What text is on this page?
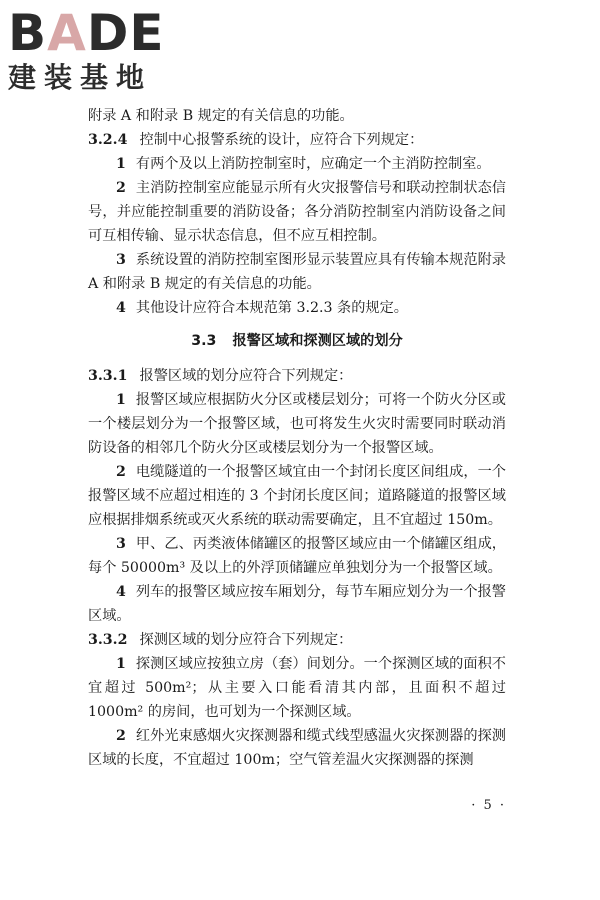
BADE
建装基地

附录 A 和附录 B 规定的有关信息的功能。

3.2.4 控制中心报警系统的设计，应符合下列规定：

1 有两个及以上消防控制室时，应确定一个主消防控制室。

2 主消防控制室应能显示所有火灾报警信号和联动控制状态信号，并应能控制重要的消防设备；各分消防控制室内消防设备之间可互相传输、显示状态信息，但不应互相控制。

3 系统设置的消防控制室图形显示装置应具有传输本规范附录 A 和附录 B 规定的有关信息的功能。

4 其他设计应符合本规范第 3.2.3 条的规定。

3.3 报警区域和探测区域的划分

3.3.1 报警区域的划分应符合下列规定：

1 报警区域应根据防火分区或楼层划分；可将一个防火分区或一个楼层划分为一个报警区域，也可将发生火灾时需要同时联动消防设备的相邻几个防火分区或楼层划分为一个报警区域。

2 电缆隧道的一个报警区域宜由一个封闭长度区间组成，一个报警区域不应超过相连的 3 个封闭长度区间；道路隧道的报警区域应根据排烟系统或灭火系统的联动需要确定，且不宜超过 150m。

3 甲、乙、丙类液体储罐区的报警区域应由一个储罐区组成，每个 50000m³ 及以上的外浮顶储罐应单独划分为一个报警区域。

4 列车的报警区域应按车厢划分，每节车厢应划分为一个报警区域。

3.3.2 探测区域的划分应符合下列规定：

1 探测区域应按独立房（套）间划分。一个探测区域的面积不宜超过 500m²；从主要入口能看清其内部，且面积不超过 1000m² 的房间，也可划为一个探测区域。

2 红外光束感烟火灾探测器和缆式线型感温火灾探测器的探测区域的长度，不宜超过 100m；空气管差温火灾探测器的探测

· 5 ·
